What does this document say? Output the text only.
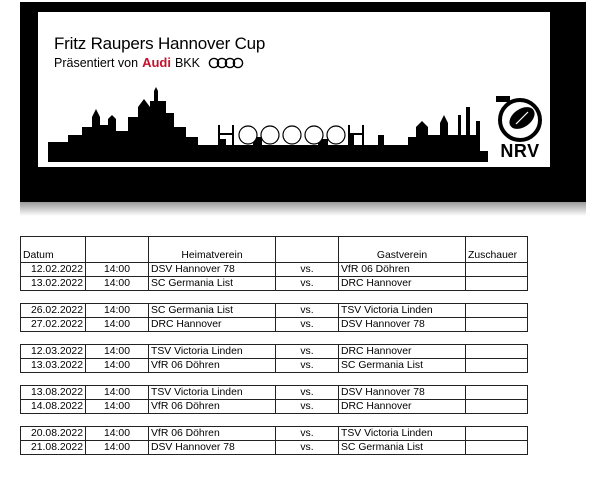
Fritz Raupers Hannover Cup
Präsentiert von Audi BKK
NRV
Datum		Heimatverein		Gastverein	Zuschauer
12.02.2022	14:00	DSV Hannover 78	vs.	VfR 06 Döhren	
13.02.2022	14:00	SC Germania List	vs.	DRC Hannover	

26.02.2022	14:00	SC Germania List	vs.	TSV Victoria Linden	
27.02.2022	14:00	DRC Hannover	vs.	DSV Hannover 78	

12.03.2022	14:00	TSV Victoria Linden	vs.	DRC Hannover	
13.03.2022	14:00	VfR 06 Döhren	vs.	SC Germania List	

13.08.2022	14:00	TSV Victoria Linden	vs.	DSV Hannover 78	
14.08.2022	14:00	VfR 06 Döhren	vs.	DRC Hannover	

20.08.2022	14:00	VfR 06 Döhren	vs.	TSV Victoria Linden	
21.08.2022	14:00	DSV Hannover 78	vs.	SC Germania List	
